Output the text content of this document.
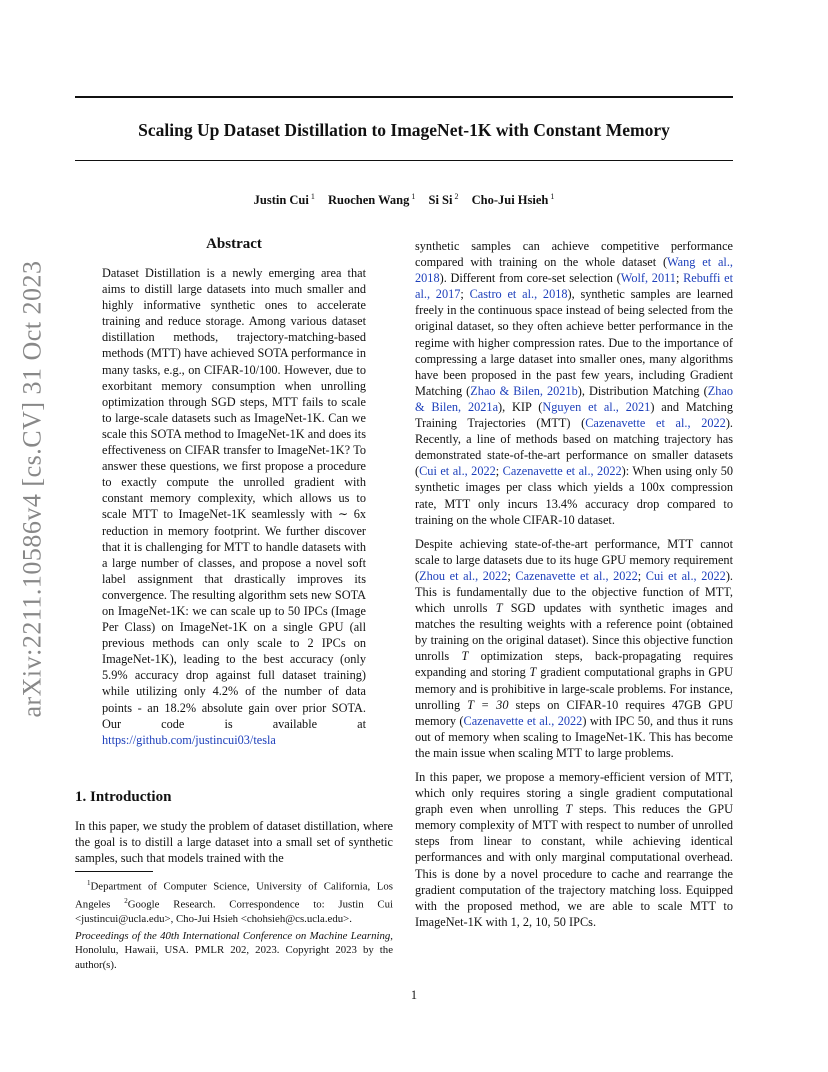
arXiv:2211.10586v4 [cs.CV] 31 Oct 2023
Scaling Up Dataset Distillation to ImageNet-1K with Constant Memory
Justin Cui $^1$ Ruochen Wang $^1$ Si Si $^2$ Cho-Jui Hsieh $^1$
Abstract
Dataset Distillation is a newly emerging area that aims to distill large datasets into much smaller and highly informative synthetic ones to accelerate training and reduce storage. Among various dataset distillation methods, trajectory-matching-based methods (MTT) have achieved SOTA performance in many tasks, e.g., on CIFAR-10/100. However, due to exorbitant memory consumption when unrolling optimization through SGD steps, MTT fails to scale to large-scale datasets such as ImageNet-1K. Can we scale this SOTA method to ImageNet-1K and does its effectiveness on CIFAR transfer to ImageNet-1K? To answer these questions, we first propose a procedure to exactly compute the unrolled gradient with constant memory complexity, which allows us to scale MTT to ImageNet-1K seamlessly with ∼ 6x reduction in memory footprint. We further discover that it is challenging for MTT to handle datasets with a large number of classes, and propose a novel soft label assignment that drastically improves its convergence. The resulting algorithm sets new SOTA on ImageNet-1K: we can scale up to 50 IPCs (Image Per Class) on ImageNet-1K on a single GPU (all previous methods can only scale to 2 IPCs on ImageNet-1K), leading to the best accuracy (only 5.9% accuracy drop against full dataset training) while utilizing only 4.2% of the number of data points - an 18.2% absolute gain over prior SOTA. Our code is available at https://github.com/justincui03/tesla
1. Introduction
In this paper, we study the problem of dataset distillation, where the goal is to distill a large dataset into a small set of synthetic samples, such that models trained with the

$^1$Department of Computer Science, University of California, Los Angeles $^2$Google Research. Correspondence to: Justin Cui <justincui@ucla.edu>, Cho-Jui Hsieh <chohsieh@cs.ucla.edu>.

Proceedings of the 40th International Conference on Machine Learning, Honolulu, Hawaii, USA. PMLR 202, 2023. Copyright 2023 by the author(s).

synthetic samples can achieve competitive performance compared with training on the whole dataset (Wang et al., 2018). Different from core-set selection (Wolf, 2011; Rebuffi et al., 2017; Castro et al., 2018), synthetic samples are learned freely in the continuous space instead of being selected from the original dataset, so they often achieve better performance in the regime with higher compression rates. Due to the importance of compressing a large dataset into smaller ones, many algorithms have been proposed in the past few years, including Gradient Matching (Zhao & Bilen, 2021b), Distribution Matching (Zhao & Bilen, 2021a), KIP (Nguyen et al., 2021) and Matching Training Trajectories (MTT) (Cazenavette et al., 2022). Recently, a line of methods based on matching trajectory has demonstrated state-of-the-art performance on smaller datasets (Cui et al., 2022; Cazenavette et al., 2022): When using only 50 synthetic images per class which yields a 100x compression rate, MTT only incurs 13.4% accuracy drop compared to training on the whole CIFAR-10 dataset.

Despite achieving state-of-the-art performance, MTT cannot scale to large datasets due to its huge GPU memory requirement (Zhou et al., 2022; Cazenavette et al., 2022; Cui et al., 2022). This is fundamentally due to the objective function of MTT, which unrolls T SGD updates with synthetic images and matches the resulting weights with a reference point (obtained by training on the original dataset). Since this objective function unrolls T optimization steps, back-propagating requires expanding and storing T gradient computational graphs in GPU memory and is prohibitive in large-scale problems. For instance, unrolling T = 30 steps on CIFAR-10 requires 47GB GPU memory (Cazenavette et al., 2022) with IPC 50, and thus it runs out of memory when scaling to ImageNet-1K. This has become the main issue when scaling MTT to large problems.

In this paper, we propose a memory-efficient version of MTT, which only requires storing a single gradient computational graph even when unrolling T steps. This reduces the GPU memory complexity of MTT with respect to number of unrolled steps from linear to constant, while achieving identical performances and with only marginal computational overhead. This is done by a novel procedure to cache and rearrange the gradient computation of the trajectory matching loss. Equipped with the proposed method, we are able to scale MTT to ImageNet-1K with 1, 2, 10, 50 IPCs.

1
